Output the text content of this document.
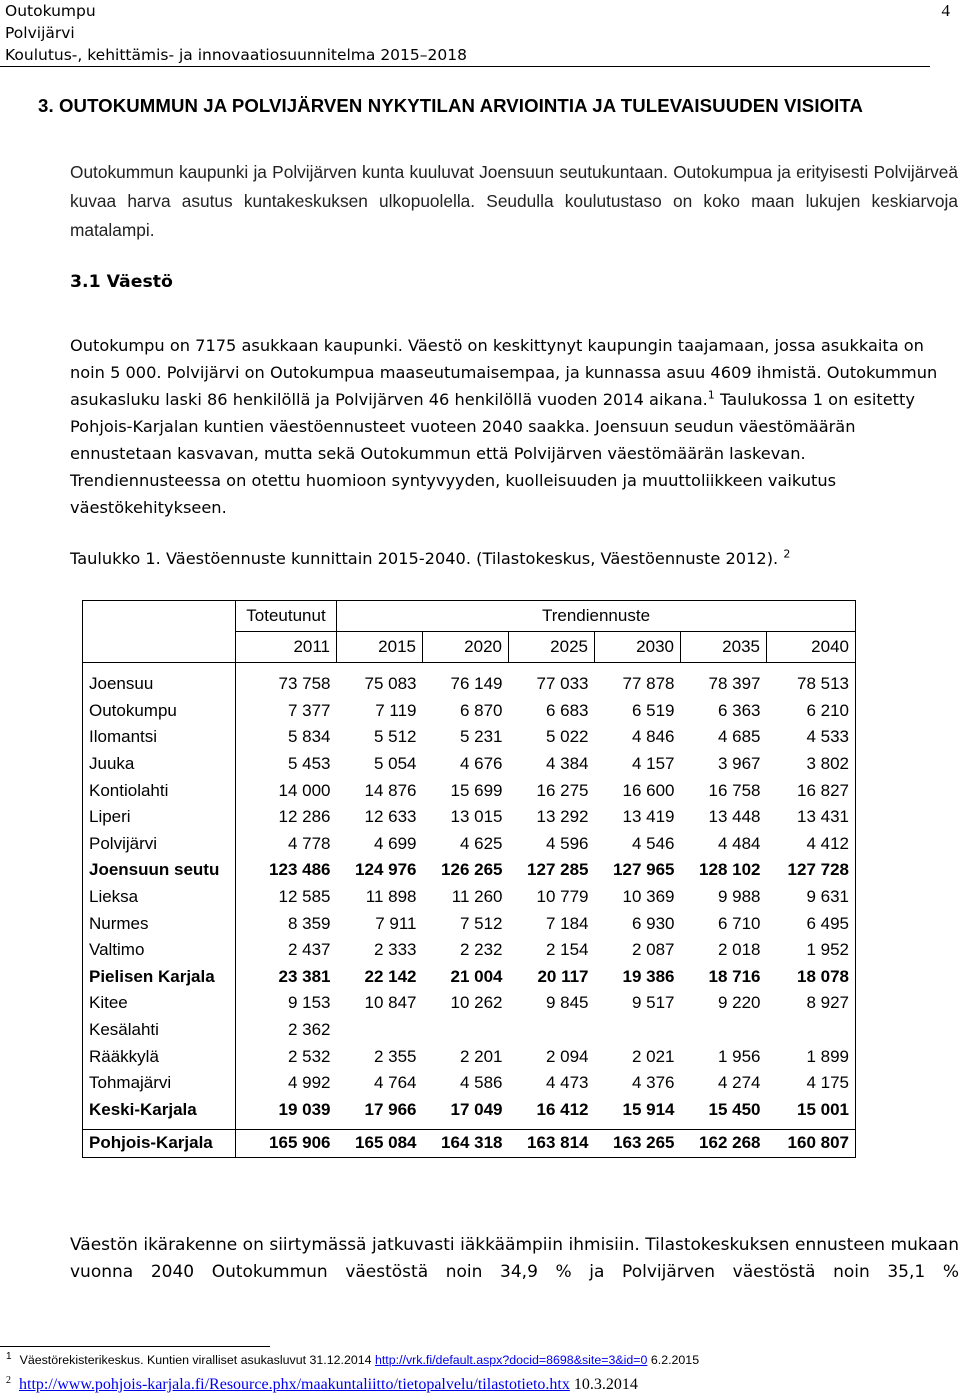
Outokumpu
Polvijärvi
Koulutus-, kehittämis- ja innovaatiosuunnitelma 2015–2018
4
3. OUTOKUMMUN JA POLVIJÄRVEN NYKYTILAN ARVIOINTIA JA TULEVAISUUDEN VISIOITA
Outokummun kaupunki ja Polvijärven kunta kuuluvat Joensuun seutukuntaan. Outokumpua ja erityisesti Polvijärveä kuvaa harva asutus kuntakeskuksen ulkopuolella. Seudulla koulutustaso on koko maan lukujen keskiarvoja matalampi.
3.1 Väestö

Outokumpu on 7175 asukkaan kaupunki. Väestö on keskittynyt kaupungin taajamaan, jossa asukkaita on noin 5 000. Polvijärvi on Outokumpua maaseutumaisempaa, ja kunnassa asuu 4609 ihmistä. Outokummun asukasluku laski 86 henkilöllä ja Polvijärven 46 henkilöllä vuoden 2014 aikana.$^1$ Taulukossa 1 on esitetty Pohjois-Karjalan kuntien väestöennusteet vuoteen 2040 saakka. Joensuun seudun väestömäärän ennustetaan kasvavan, mutta sekä Outokummun että Polvijärven väestömäärän laskevan. Trendiennusteessa on otettu huomioon syntyvyyden, kuolleisuuden ja muuttoliikkeen vaikutus väestökehitykseen.

Taulukko 1. Väestöennuste kunnittain 2015-2040. (Tilastokeskus, Väestöennuste 2012). $^2$
	Toteutunut	Trendiennuste					
	2011	2015	2020	2025	2030	2035	2040

Joensuu	73 758	75 083	76 149	77 033	77 878	78 397	78 513
Outokumpu	7 377	7 119	6 870	6 683	6 519	6 363	6 210
Ilomantsi	5 834	5 512	5 231	5 022	4 846	4 685	4 533
Juuka	5 453	5 054	4 676	4 384	4 157	3 967	3 802
Kontiolahti	14 000	14 876	15 699	16 275	16 600	16 758	16 827
Liperi	12 286	12 633	13 015	13 292	13 419	13 448	13 431
Polvijärvi	4 778	4 699	4 625	4 596	4 546	4 484	4 412
Joensuun seutu	123 486	124 976	126 265	127 285	127 965	128 102	127 728
Lieksa	12 585	11 898	11 260	10 779	10 369	9 988	9 631
Nurmes	8 359	7 911	7 512	7 184	6 930	6 710	6 495
Valtimo	2 437	2 333	2 232	2 154	2 087	2 018	1 952
Pielisen Karjala	23 381	22 142	21 004	20 117	19 386	18 716	18 078
Kitee	9 153	10 847	10 262	9 845	9 517	9 220	8 927
Kesälahti	2 362						
Rääkkylä	2 532	2 355	2 201	2 094	2 021	1 956	1 899
Tohmajärvi	4 992	4 764	4 586	4 473	4 376	4 274	4 175
Keski-Karjala	19 039	17 966	17 049	16 412	15 914	15 450	15 001

Pohjois-Karjala	165 906	165 084	164 318	163 814	163 265	162 268	160 807
Väestön ikärakenne on siirtymässä jatkuvasti iäkkäämpiin ihmisiin. Tilastokeskuksen ennusteen mukaan vuonna 2040 Outokummun väestöstä noin 34,9 % ja Polvijärven väestöstä noin 35,1 %
$^1$ Väestörekisterikeskus. Kuntien viralliset asukasluvut 31.12.2014 http://vrk.fi/default.aspx?docid=8698&site=3&id=0 6.2.2015
$^2$ http://www.pohjois-karjala.fi/Resource.phx/maakuntaliitto/tietopalvelu/tilastotieto.htx 10.3.2014
